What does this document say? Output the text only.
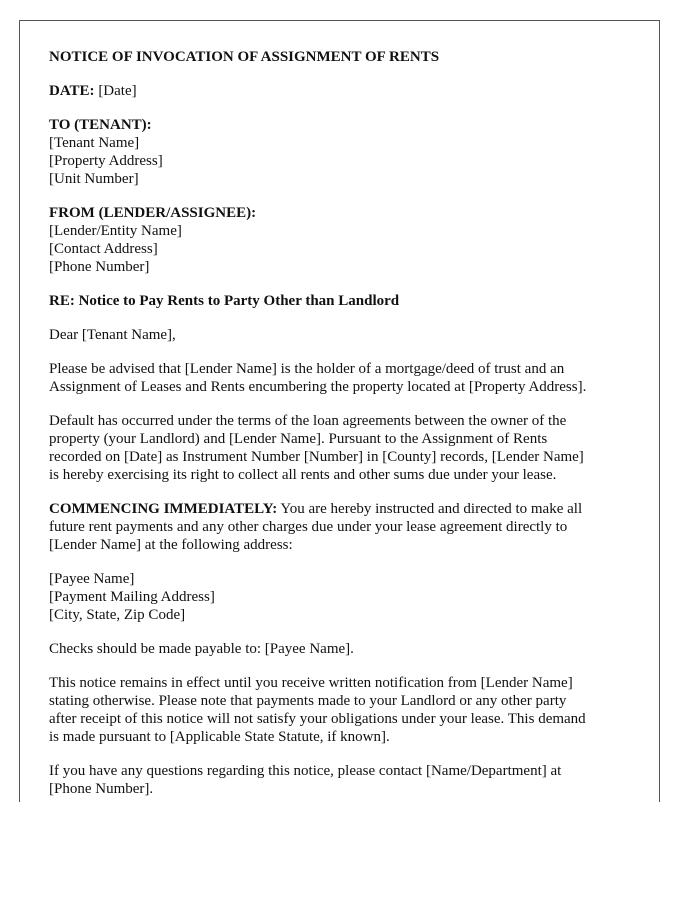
NOTICE OF INVOCATION OF ASSIGNMENT OF RENTS
DATE: [Date]
TO (TENANT):
[Tenant Name]
[Property Address]
[Unit Number]
FROM (LENDER/ASSIGNEE):
[Lender/Entity Name]
[Contact Address]
[Phone Number]
RE: Notice to Pay Rents to Party Other than Landlord
Dear [Tenant Name],
Please be advised that [Lender Name] is the holder of a mortgage/deed of trust and an
Assignment of Leases and Rents encumbering the property located at [Property Address].
Default has occurred under the terms of the loan agreements between the owner of the
property (your Landlord) and [Lender Name]. Pursuant to the Assignment of Rents
recorded on [Date] as Instrument Number [Number] in [County] records, [Lender Name]
is hereby exercising its right to collect all rents and other sums due under your lease.
COMMENCING IMMEDIATELY: You are hereby instructed and directed to make all
future rent payments and any other charges due under your lease agreement directly to
[Lender Name] at the following address:
[Payee Name]
[Payment Mailing Address]
[City, State, Zip Code]
Checks should be made payable to: [Payee Name].
This notice remains in effect until you receive written notification from [Lender Name]
stating otherwise. Please note that payments made to your Landlord or any other party
after receipt of this notice will not satisfy your obligations under your lease. This demand
is made pursuant to [Applicable State Statute, if known].
If you have any questions regarding this notice, please contact [Name/Department] at
[Phone Number].
